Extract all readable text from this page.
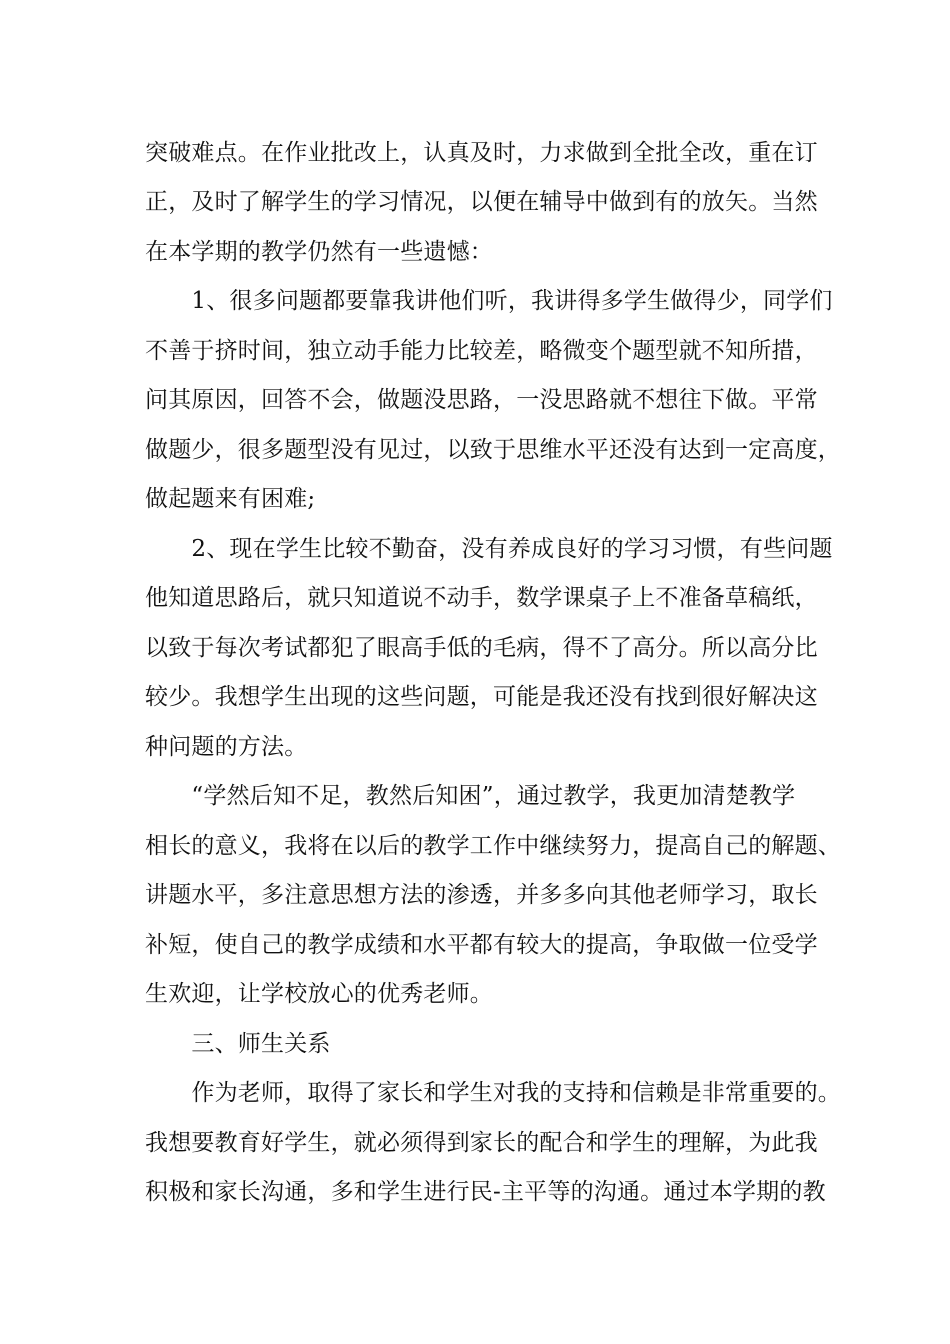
突破难点。在作业批改上，认真及时，力求做到全批全改，重在订
正，及时了解学生的学习情况，以便在辅导中做到有的放矢。当然
在本学期的教学仍然有一些遗憾：
　　1、很多问题都要靠我讲他们听，我讲得多学生做得少，同学们
不善于挤时间，独立动手能力比较差，略微变个题型就不知所措，
问其原因，回答不会，做题没思路，一没思路就不想往下做。平常
做题少，很多题型没有见过，以致于思维水平还没有达到一定高度，
做起题来有困难;
　　2、现在学生比较不勤奋，没有养成良好的学习习惯，有些问题
他知道思路后，就只知道说不动手，数学课桌子上不准备草稿纸，
以致于每次考试都犯了眼高手低的毛病，得不了高分。所以高分比
较少。我想学生出现的这些问题，可能是我还没有找到很好解决这
种问题的方法。
　　“学然后知不足，教然后知困”，通过教学，我更加清楚教学
相长的意义，我将在以后的教学工作中继续努力，提高自己的解题、
讲题水平，多注意思想方法的渗透，并多多向其他老师学习，取长
补短，使自己的教学成绩和水平都有较大的提高，争取做一位受学
生欢迎，让学校放心的优秀老师。
　　三、师生关系
　　作为老师，取得了家长和学生对我的支持和信赖是非常重要的。
我想要教育好学生，就必须得到家长的配合和学生的理解，为此我
积极和家长沟通，多和学生进行民-主平等的沟通。通过本学期的教
